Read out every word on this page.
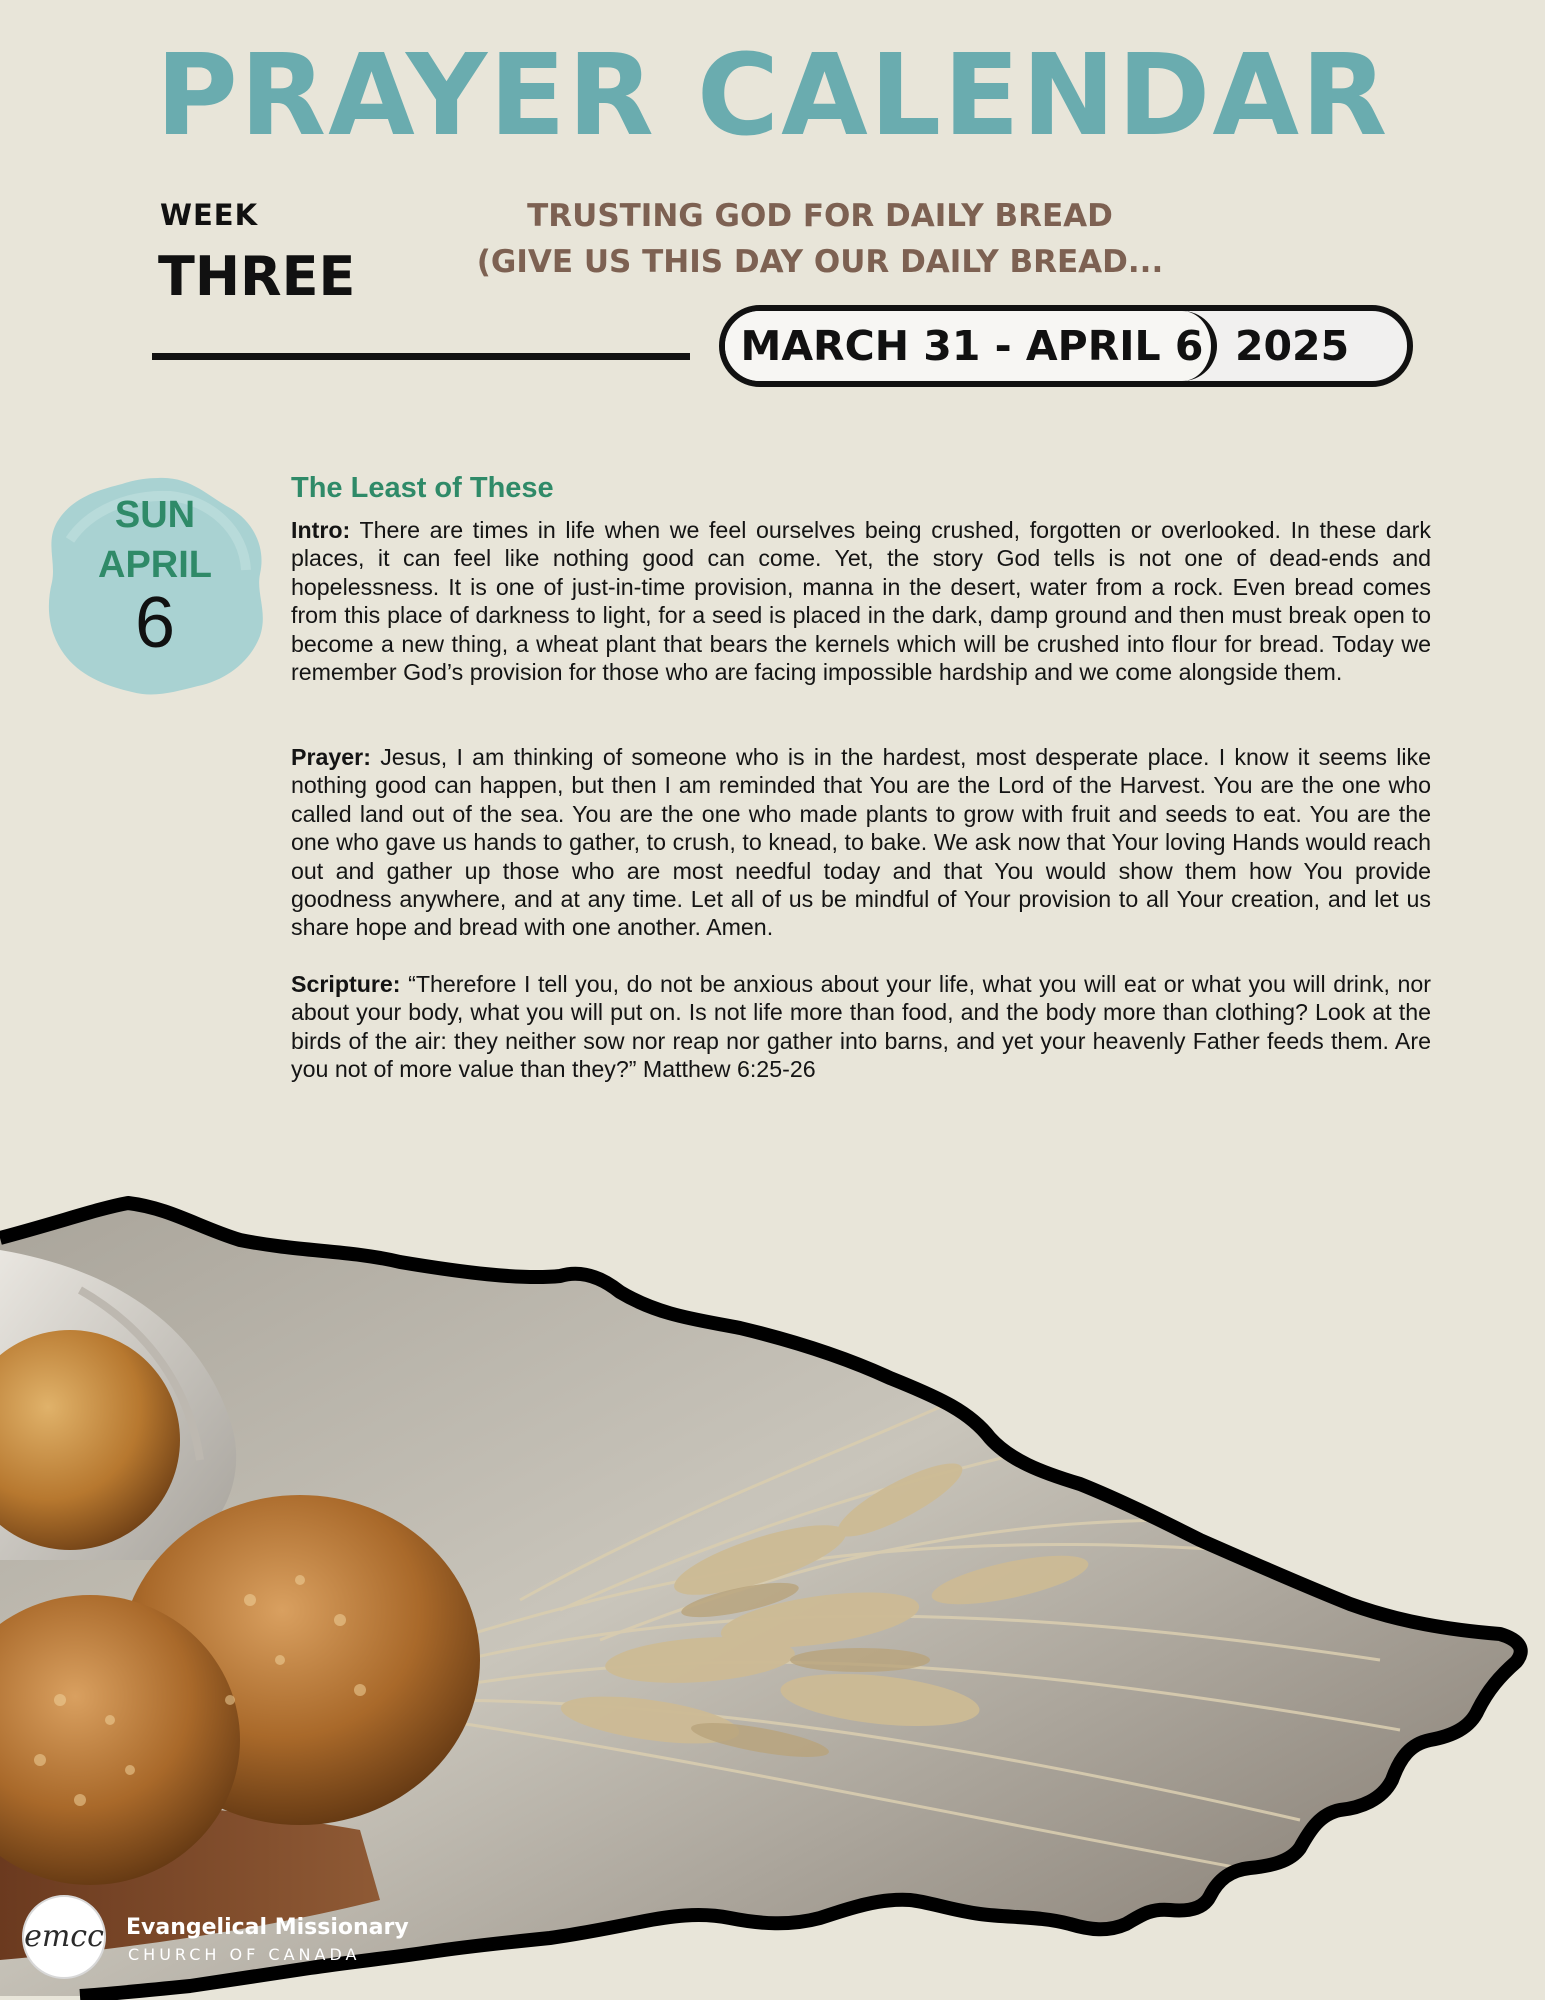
PRAYER CALENDAR
WEEK
THREE
TRUSTING GOD FOR DAILY BREAD
(GIVE US THIS DAY OUR DAILY BREAD...
MARCH 31 - APRIL 6 2025
SUN
APRIL
6
The Least of These

Intro: There are times in life when we feel ourselves being crushed, forgotten or overlooked. In these dark places, it can feel like nothing good can come. Yet, the story God tells is not one of dead-ends and hopelessness. It is one of just-in-time provision, manna in the desert, water from a rock. Even bread comes from this place of darkness to light, for a seed is placed in the dark, damp ground and then must break open to become a new thing, a wheat plant that bears the kernels which will be crushed into flour for bread. Today we remember God’s provision for those who are facing impossible hardship and we come alongside them.

Prayer: Jesus, I am thinking of someone who is in the hardest, most desperate place. I know it seems like nothing good can happen, but then I am reminded that You are the Lord of the Harvest. You are the one who called land out of the sea. You are the one who made plants to grow with fruit and seeds to eat. You are the one who gave us hands to gather, to crush, to knead, to bake. We ask now that Your loving Hands would reach out and gather up those who are most needful today and that You would show them how You provide goodness anywhere, and at any time. Let all of us be mindful of Your provision to all Your creation, and let us share hope and bread with one another. Amen.

Scripture: “Therefore I tell you, do not be anxious about your life, what you will eat or what you will drink, nor about your body, what you will put on. Is not life more than food, and the body more than clothing? Look at the birds of the air: they neither sow nor reap nor gather into barns, and yet your heavenly Father feeds them. Are you not of more value than they?” Matthew 6:25-26

emcc Evangelical Missionary
CHURCH OF CANADA
